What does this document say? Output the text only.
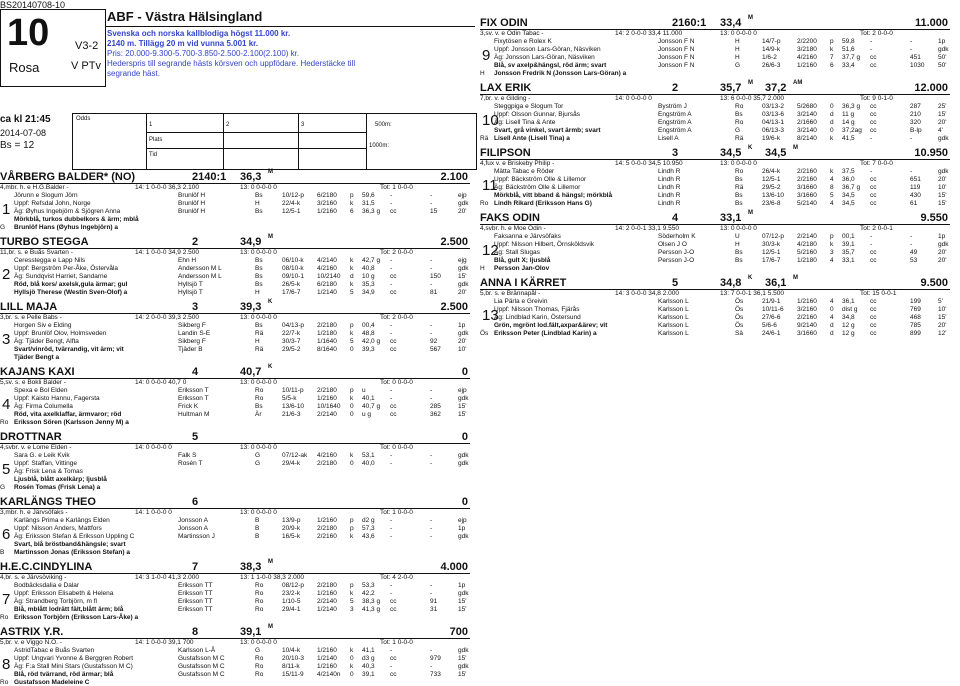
BS20140708-10
10
Rosa
V3-2
V PTv
ABF - Västra Hälsingland
Svenska och norska kallblodiga högst 11.000 kr.
2140 m. Tillägg 20 m vid vunna 5.001 kr.
Pris: 20.000-9.300-5.700-3.850-2.500-2.100(2.100) kr.
Hederspris till segrande hästs körsven och uppfödare. Hederstäcke till
segrande häst.
ca kl 21:45
2014-07-08
Bs = 12
Odds
1	2	3	500m:
Plats
Tid
1000m:
VÅRBERG BALDER* (NO)	2140:1 36,3 M	2.100
4,mbr. h. e H.G.Balder -	14: 1 0-0-0 36,3 2.100	13: 0 0-0-0 0	Tot: 1 0-0-0
1
Jörunn e Slogum Jörn
Uppf: Refsdal John, Norge
Äg: Øyhus Ingebjörn & Sjögren Anna
Mörkblå, turkos dubbelkors & ärm; mblå
G Brunlöf Hans (Øyhus Ingebjörn) a
Brunlöf H	Bs	10/12-p 6/2180 p 59,6 -	-	ejp
Brunlöf H	H	22/4-k	3/2160 k 31,5 -	-	gdk
Brunlöf H	Bs	12/5-1	1/2160 6 36,3 g cc	15	20'
TURBO STEGGA	2	34,9 M	2.500
11,br. s. e Buås Svarten -	14: 1 0-0-0 34,9 2.500	13: 0 0-0-0 0	Tot: 2 0-0-0
2
Ceresstegga e Lapp Nils
Uppf: Bergström Per-Åke, Östervåla
Äg: Sundqvist Harriet, Sandarne
Röd, blå kors/ axelsk,gula ärmar; gul
Hyllsjö Therese (Westin Sven-Olof) a
Ehn H	Bs	06/10-k 4/2140 k 42,7 g -	-	ejg
Andersson M L	Bs	08/10-k 4/2160 k 40,8 -	-	gdk
Andersson M L	Bs	09/10-1 10/2140 d 10 g cc	150	15'
Hyllsjö T	Bs	26/5-k	6/2180 k 35,3 -	-	gdk
Hyllsjö T	H	17/6-7	1/2140 5 34,9 cc	81	20'
LILL MAJA	3	39,3 K	2.500
3,br. s. e Pelle Babs -	14: 2 0-0-0 39,3 2.500	13: 0 0-0-0 0	Tot: 2 0-0-0
3
Horgen Siv e Elding
Uppf: Brunlöf Olov, Holmsveden
Äg: Tjäder Bengt, Alfta
Svart/vinröd, tvärrandig, vit ärm; vit
Tjäder Bengt a
Sikberg F	Bs	04/13-p 2/2180 p 00,4 -	-	1p
Landin S-E	Rä	22/7-k	1/2180 k 48,8 -	-	gdk
Sikberg F	H	30/3-7	1/1640 5 42,0 g cc	92	20'
Tjäder B	Rä	29/5-2	8/1640 0 39,3 cc	567	10'
KAJANS KAXI	4	40,7 K	0
5,sv. s. e Bokli Balder -	14: 0 0-0-0 40,7 0	13: 0 0-0-0 0	Tot: 0 0-0-0
4
Spexa e Bol Elden
Uppf: Kaisto Hannu, Fagersta
Äg: Firma Columella
Röd, vita axelklaffar, ärmvaror; röd
Ro Eriksson Sören (Karlsson Jenny M) a
Eriksson T	Ro	10/11-p 2/2180 p u	-	-	ejp
Eriksson T	Ro	5/5-k	1/2160 k 40,1 -	-	gdk
Frick K	Bs	13/6-10 10/1640 0 40,7 g cc	285	15'
Hultman M	Är	21/6-3	2/2140 0 u g	cc	362	15'
DROTTNAR	5	0
4,svbr. v. e Lome Elden -	14: 0 0-0-0 0	13: 0 0-0-0 0	Tot: 0 0-0-0
5
Sara G. e Leik Kvik
Uppf: Staffan, Vittinge
Äg: Frisk Lena & Tomas
Ljusblå, blått axelkärp; ljusblå
G Rosén Tomas (Frisk Lena) a
Falk S	G	07/12-ak 4/2160 k 53,1 -	-	gdk
Rosén T	G	29/4-k	2/2180 0 40,0 -	-	gdk
KARLÄNGS THEO	6	0
3,mbr. h. e Järvsöfaks -	14: 1 0-0-0 0	13: 0 0-0-0 0	Tot: 1 0-0-0
6
Karlängs Prima e Karlängs Elden
Uppf: Nilsson Anders, Mattfors
Äg: Eriksson Stefan & Eriksson Uppling C
Svart, blå bröstband&hängsle; svart
B Martinsson Jonas (Eriksson Stefan) a
Jonsson A	B	13/9-p	1/2160 p d2 g -	-	ejp
Jonsson A	B	20/9-k	2/2180 p 57,3 -	-	1p
Martinsson J	B	16/5-k	2/2160 k 43,6 -	-	gdk
H.E.C.CINDYLINA	7	38,3 M	4.000
4,br. s. e Järvsöviking -	14: 3 1-0-0 41,3 2.000	13: 1 1-0-0 38,3 2.000	Tot: 4 2-0-0
7
Bodbäcksdalia e Dalar
Uppf: Eriksson Elisabeth & Helena
Äg: Strandberg Torbjörn, m fl
Blå, mblått lodrätt fält,blått ärm; blå
Ro Eriksson Torbjörn (Eriksson Lars-Åke) a
Eriksson TT	Ro	08/12-p 2/2180 p 53,3 -	-	1p
Eriksson TT	Ro	23/2-k	1/2160 k 42,2 -	-	gdk
Eriksson TT	Ro	1/10-5	2/2140 5 38,3 g cc	91	15'
Eriksson TT	Ro	29/4-1	1/2140 3 41,3 g cc	31	15'
ASTRIX Y.R.	8	39,1 M	700
5,br. v. e Viggo N.O. -	14: 1 0-0-0 39,1 700	13: 0 0-0-0 0	Tot: 1 0-0-0
8
AstridTabac e Buås Svarten
Uppf: Ungvari Yvonne & Berggren Robert
Äg: F:a Stall Mini Stars (Gustafsson M C)
Blå, röd tvärrand, röd ärmar; blå
Ro Gustafsson Madeleine C
Karlsson L-Å	G	10/4-k	1/2160 k 41,1 -	-	gdk
Gustafsson M C	Ro	20/10-3 1/2140 0 d3 g cc	979	15'
Gustafsson M C	Ro	8/11-k	1/2160 k 40,3 -	-	gdk
Gustafsson M C	Ro	15/11-9 4/2140n 0 39,1 cc	733	15'
FIX ODIN	2160:1 33,4 M	11.000
3,sv. v. e Odin Tabac -	14: 2 0-0-0 33,4 11.000	13: 0 0-0-0 0	Tot: 2 0-0-0
9
Fixytösen e Rolex K
Uppf: Jonsson Lars-Göran, Näsviken
Äg: Jonsson Lars-Göran, Näsviken
Blå, sv axelp&hängsl, röd ärm; svart
H Jonsson Fredrik N (Jonsson Lars-Göran) a
Jonsson F N	H	14/7-p	2/2200 p 59,8 -	-	1p
Jonsson F N	H	14/9-k	3/2180 k 51,6 -	-	gdk
Jonsson F N	H	1/6-2	4/2160 7 37,7 g cc	451	50'
Jonsson F N	G	26/6-3	1/2160 6 33,4 cc	1030 50'
LAX ERIK	2	35,7 M 37,2 AM	12.000
7,br. v. e Gilding -	14: 0 0-0-0 0	13: 6 0-0-0 35,7 2.000	Tot: 9 0-1-0
10
Steggpiga e Slogum Tor
Uppf: Olsson Gunnar, Bjursås
Äg: Lisell Tina & Ante
Svart, grå vinkel, svart ärmb; svart
Rä Lisell Ante (Lisell Tina) a
Byström J	Ro	03/13-2 5/2680 0 36,3 g cc	287	25'
Engström A	Bs	03/13-6 3/2140 d 11 g cc	210	15'
Engström A	Ro	04/13-1 2/1660 d 14 g cc	320	20'
Engström A	G	06/13-3 3/2140 0 37,2ag cc	B-lp	4'
Lisell A	Rä	19/6-k	8/2140 k 41,5 -	-	gdk
FILIPSON	3	34,5 K 34,5 M	10.950
4,fux v. e Briskeby Philip -	14: 5 0-0-0 34,5 10.950	13: 0 0-0-0 0	Tot: 7 0-0-0
11
Mätta Tabac e Röder
Uppf: Bäckström Olle & Lillemor
Äg: Bäckström Olle & Lillemor
Mörkblå, vitt bband & hängsl; mörkblå
Ro Lindh Rikard (Eriksson Hans G)
Lindh R	Ro	26/4-k	2/2160 k 37,5 -	-	gdk
Lindh R	Bs	12/5-1	2/2160 4 36,0 cc	651	20'
Lindh R	Rä	29/5-2	3/1660 8 36,7 g cc	119	10'
Lindh R	Bs	13/6-10 3/1660 5 34,5 cc	430	15'
Lindh R	Bs	23/6-8	5/2140 4 34,5 cc	61	15'
FAKS ODIN	4	33,1 M	9.550
4,svbr. h. e Moe Odin -	14: 2 0-0-1 33,1 9.550	13: 0 0-0-0 0	Tot: 2 0-0-1
12
Faksanna e Järvsöfaks
Uppf: Nilsson Hilbert, Örnsköldsvik
Äg: Stall Slugas
Blå, gult X; ljusblå
H Persson Jan-Olov
Söderholm K	U	07/12-p 2/2140 p 00,1 -	-	1p
Olsen J O	H	30/3-k	4/2180 k 39,1 -	-	gdk
Persson J-O	Bs	12/5-1	5/2160 3 35,7 cc	49	20'
Persson J-O	Bs	17/6-7	1/2180 4 33,1 cc	53	20'
ANNA I KÄRRET	5	34,8 K 36,1 M	9.500
5,br. s. e Brännapål -	14: 3 0-0-0 34,8 2.000	13: 7 0-0-1 36,1 5.500	Tot: 15 0-0-1
13
Lia Pärla e Greivin
Uppf: Nilsson Thomas, Fjärås
Äg: Lindblad Karin, Östersund
Grön, mgrönt lod.fält,axpar&ärev; vit
Ös Eriksson Peter (Lindblad Karin) a
Karlsson L	Ös	21/9-1	1/2160 4 36,1 cc	199	5'
Karlsson L	Ös	10/11-6 3/2160 0 dist g cc	769	10'
Karlsson L	Ös	27/6-6	2/2160 4 34,8 cc	468	15'
Karlsson L	Ös	5/6-6	9/2140 d 12 g cc	785	20'
Karlsson L	Sä	24/6-1	3/1660 d 12 g cc	899	12'
